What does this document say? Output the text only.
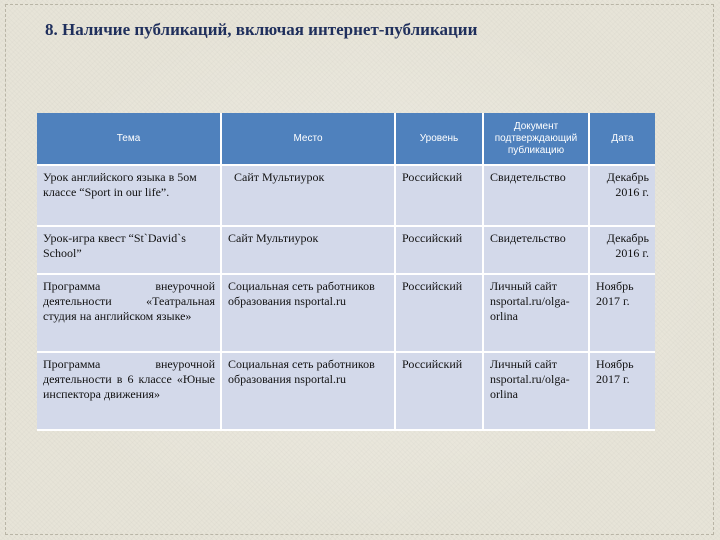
8. Наличие публикаций, включая интернет-публикации
Тема	Место	Уровень	Документ подтверждающий публикацию	Дата
Урок английского языка в 5ом классе “Sport in our life”.	Сайт Мультиурок	Российский	Свидетельство	Декабрь 2016 г.
Урок-игра квест “St`David`s School”	Сайт Мультиурок	Российский	Свидетельство	Декабрь 2016 г.
Программа внеурочной деятельности «Театральная студия на английском языке»	Социальная сеть работников образования nsportal.ru	Российский	Личный сайт nsportal.ru/olga-orlina	Ноябрь 2017 г.
Программа внеурочной деятельности в 6 классе «Юные инспектора движения»	Социальная сеть работников образования nsportal.ru	Российский	Личный сайт nsportal.ru/olga-orlina	Ноябрь 2017 г.
